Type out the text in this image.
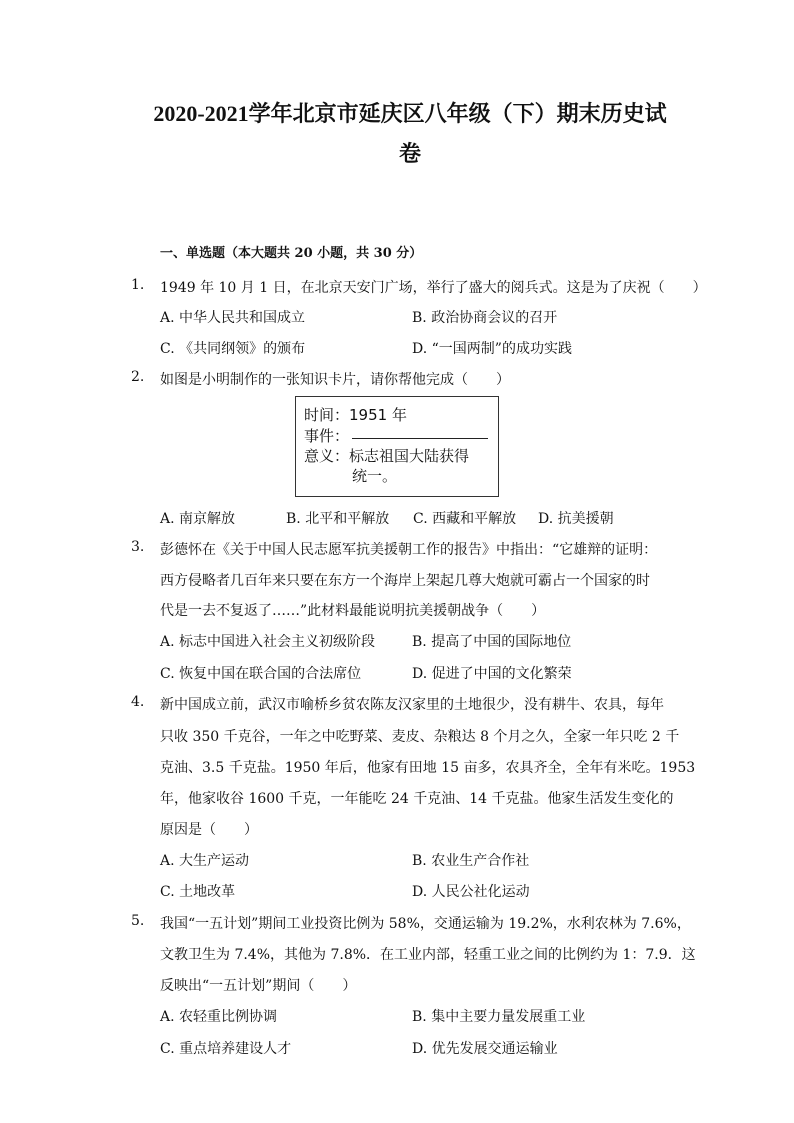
2020-2021学年北京市延庆区八年级（下）期末历史试
卷
一、单选题（本大题共 20 小题，共 30 分）
1. 1949 年 10 月 1 日，在北京天安门广场，举行了盛大的阅兵式。这是为了庆祝（　　）
A. 中华人民共和国成立	B. 政治协商会议的召开
C. 《共同纲领》的颁布	D. “一国两制”的成功实践
2. 如图是小明制作的一张知识卡片，请你帮他完成（　　）
时间：1951 年
事件：
意义：标志祖国大陆获得
统一。
A. 南京解放	B. 北平和平解放 C. 西藏和平解放 D. 抗美援朝
3. 彭德怀在《关于中国人民志愿军抗美援朝工作的报告》中指出：“它雄辩的证明：
西方侵略者几百年来只要在东方一个海岸上架起几尊大炮就可霸占一个国家的时
代是一去不复返了……”此材料最能说明抗美援朝战争（　　）
A. 标志中国进入社会主义初级阶段	B. 提高了中国的国际地位
C. 恢复中国在联合国的合法席位	D. 促进了中国的文化繁荣
4. 新中国成立前，武汉市喻桥乡贫农陈友汉家里的土地很少，没有耕牛、农具，每年
只收 350 千克谷，一年之中吃野菜、麦皮、杂粮达 8 个月之久，全家一年只吃 2 千
克油、3.5 千克盐。1950 年后，他家有田地 15 亩多，农具齐全，全年有米吃。1953
年，他家收谷 1600 千克，一年能吃 24 千克油、14 千克盐。他家生活发生变化的
原因是（　　）
A. 大生产运动	B. 农业生产合作社
C. 土地改革	D. 人民公社化运动
5. 我国“一五计划”期间工业投资比例为 58%，交通运输为 19.2%，水利农林为 7.6%，
文教卫生为 7.4%，其他为 7.8%．在工业内部，轻重工业之间的比例约为 1：7.9．这
反映出“一五计划”期间（　　）
A. 农轻重比例协调	B. 集中主要力量发展重工业
C. 重点培养建设人才	D. 优先发展交通运输业
